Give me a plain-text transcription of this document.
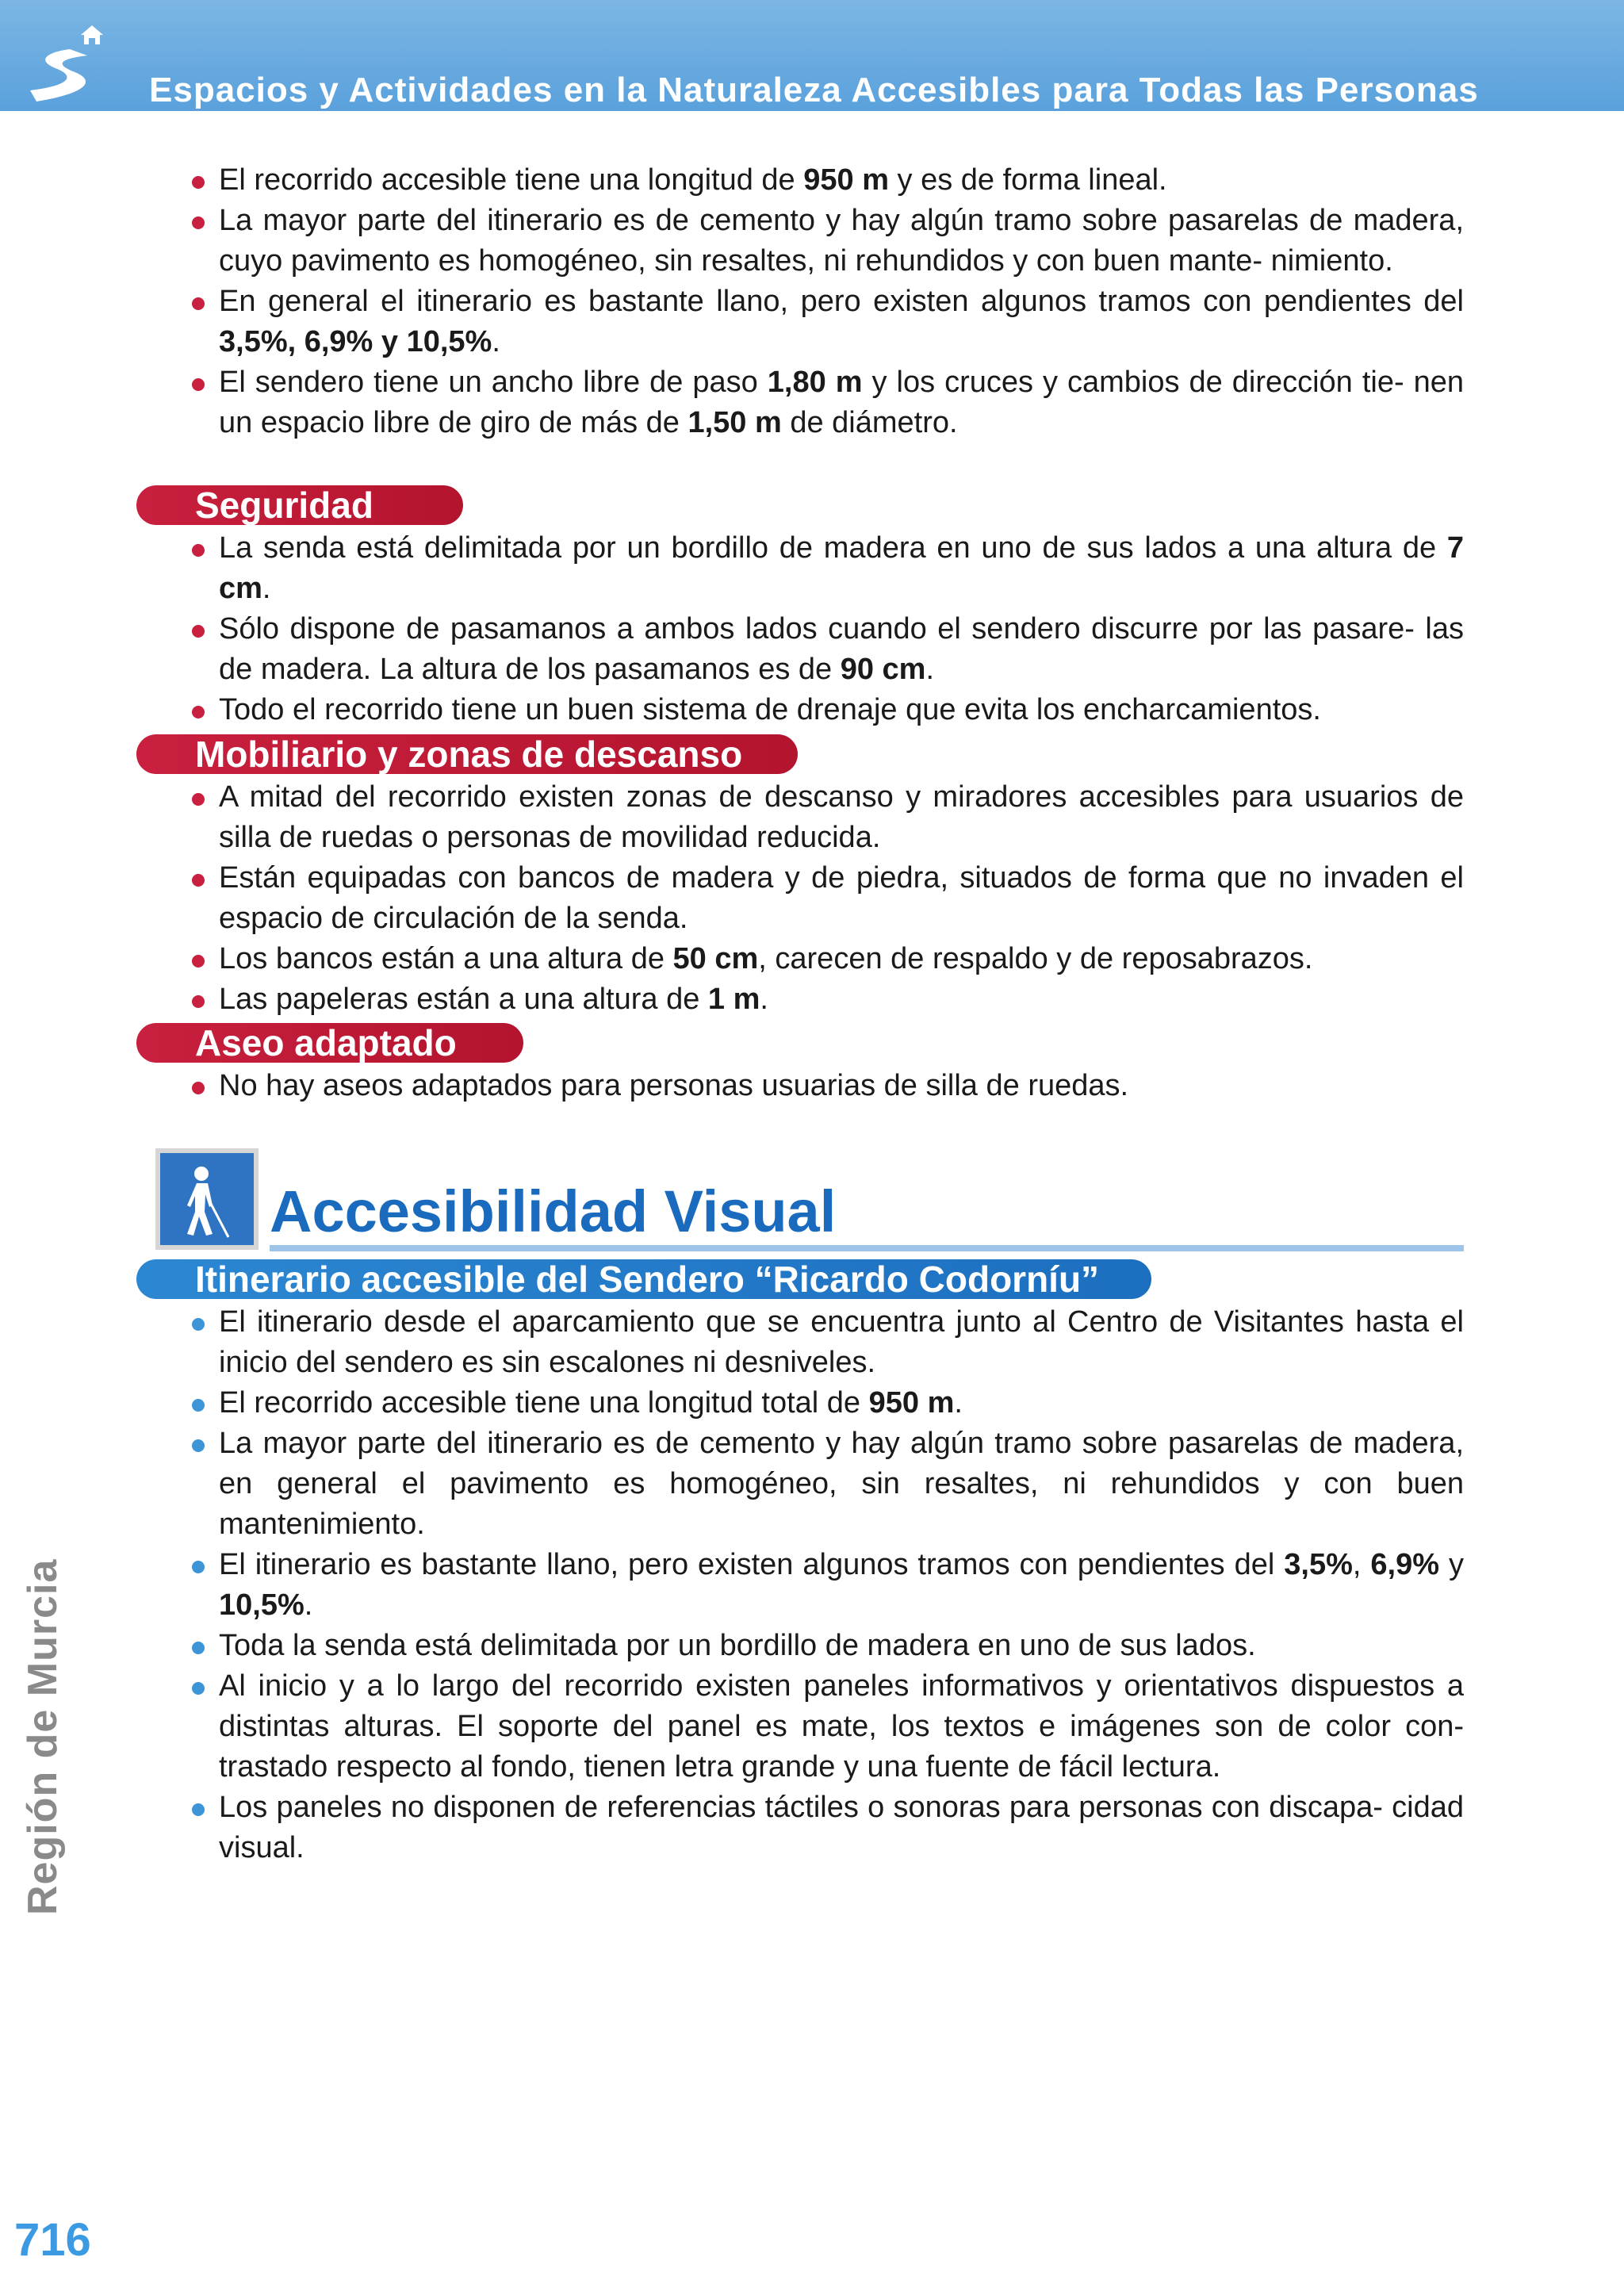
Espacios y Actividades en la Naturaleza Accesibles para Todas las Personas
Región de Murcia
716
El recorrido accesible tiene una longitud de 950 m y es de forma lineal.
La mayor parte del itinerario es de cemento y hay algún tramo sobre pasarelas de madera, cuyo pavimento es homogéneo, sin resaltes, ni rehundidos y con buen mante- nimiento.
En general el itinerario es bastante llano, pero existen algunos tramos con pendientes del 3,5%, 6,9% y 10,5%.
El sendero tiene un ancho libre de paso 1,80 m y los cruces y cambios de dirección tie- nen un espacio libre de giro de más de 1,50 m de diámetro.
Seguridad
La senda está delimitada por un bordillo de madera en uno de sus lados a una altura de 7 cm.
Sólo dispone de pasamanos a ambos lados cuando el sendero discurre por las pasare- las de madera. La altura de los pasamanos es de 90 cm.
Todo el recorrido tiene un buen sistema de drenaje que evita los encharcamientos.
Mobiliario y zonas de descanso
A mitad del recorrido existen zonas de descanso y miradores accesibles para usuarios de silla de ruedas o personas de movilidad reducida.
Están equipadas con bancos de madera y de piedra, situados de forma que no invaden el espacio de circulación de la senda.
Los bancos están a una altura de 50 cm, carecen de respaldo y de reposabrazos.
Las papeleras están a una altura de 1 m.
Aseo adaptado
No hay aseos adaptados para personas usuarias de silla de ruedas.
Accesibilidad Visual
Itinerario accesible del Sendero “Ricardo Codorníu”
El itinerario desde el aparcamiento que se encuentra junto al Centro de Visitantes hasta el inicio del sendero es sin escalones ni desniveles.
El recorrido accesible tiene una longitud total de 950 m.
La mayor parte del itinerario es de cemento y hay algún tramo sobre pasarelas de madera, en general el pavimento es homogéneo, sin resaltes, ni rehundidos y con buen mantenimiento.
El itinerario es bastante llano, pero existen algunos tramos con pendientes del 3,5%, 6,9% y 10,5%.
Toda la senda está delimitada por un bordillo de madera en uno de sus lados.
Al inicio y a lo largo del recorrido existen paneles informativos y orientativos dispuestos a distintas alturas. El soporte del panel es mate, los textos e imágenes son de color con- trastado respecto al fondo, tienen letra grande y una fuente de fácil lectura.
Los paneles no disponen de referencias táctiles o sonoras para personas con discapa- cidad visual.
